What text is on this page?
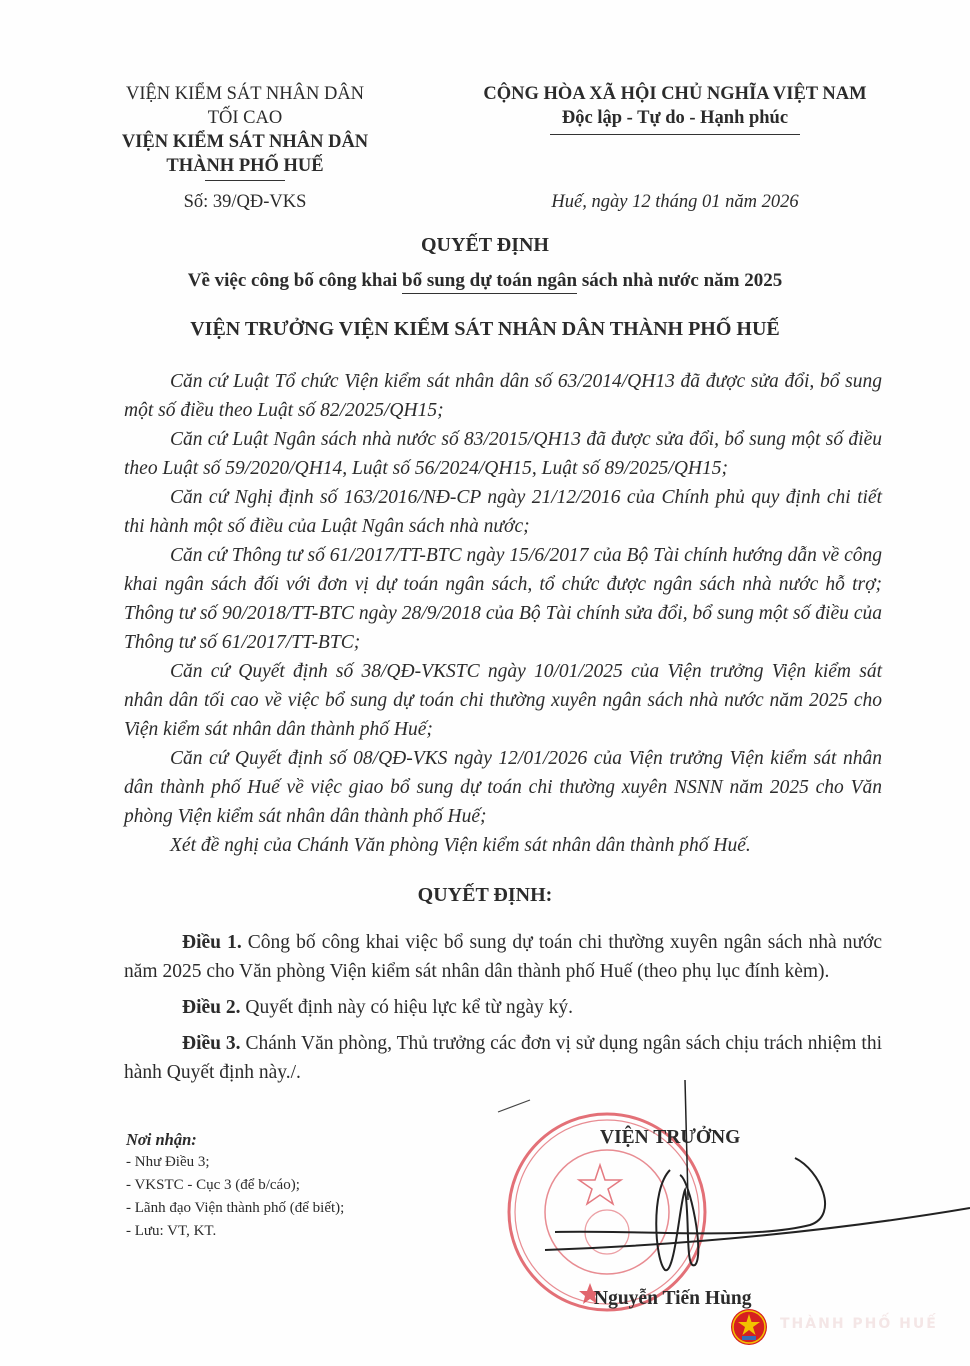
VIỆN KIỂM SÁT NHÂN DÂN
TỐI CAO
VIỆN KIỂM SÁT NHÂN DÂN
THÀNH PHỐ HUẾ
CỘNG HÒA XÃ HỘI CHỦ NGHĨA VIỆT NAM
Độc lập - Tự do - Hạnh phúc
Số: 39/QĐ-VKS	Huế, ngày 12 tháng 01 năm 2026
QUYẾT ĐỊNH
Về việc công bố công khai bổ sung dự toán ngân sách nhà nước năm 2025
VIỆN TRƯỞNG VIỆN KIỂM SÁT NHÂN DÂN THÀNH PHỐ HUẾ

Căn cứ Luật Tổ chức Viện kiểm sát nhân dân số 63/2014/QH13 đã được sửa đổi, bổ sung một số điều theo Luật số 82/2025/QH15;

Căn cứ Luật Ngân sách nhà nước số 83/2015/QH13 đã được sửa đổi, bổ sung một số điều theo Luật số 59/2020/QH14, Luật số 56/2024/QH15, Luật số 89/2025/QH15;

Căn cứ Nghị định số 163/2016/NĐ-CP ngày 21/12/2016 của Chính phủ quy định chi tiết thi hành một số điều của Luật Ngân sách nhà nước;

Căn cứ Thông tư số 61/2017/TT-BTC ngày 15/6/2017 của Bộ Tài chính hướng dẫn về công khai ngân sách đối với đơn vị dự toán ngân sách, tổ chức được ngân sách nhà nước hỗ trợ; Thông tư số 90/2018/TT-BTC ngày 28/9/2018 của Bộ Tài chính sửa đổi, bổ sung một số điều của Thông tư số 61/2017/TT-BTC;

Căn cứ Quyết định số 38/QĐ-VKSTC ngày 10/01/2025 của Viện trưởng Viện kiểm sát nhân dân tối cao về việc bổ sung dự toán chi thường xuyên ngân sách nhà nước năm 2025 cho Viện kiểm sát nhân dân thành phố Huế;

Căn cứ Quyết định số 08/QĐ-VKS ngày 12/01/2026 của Viện trưởng Viện kiểm sát nhân dân thành phố Huế về việc giao bổ sung dự toán chi thường xuyên NSNN năm 2025 cho Văn phòng Viện kiểm sát nhân dân thành phố Huế;

Xét đề nghị của Chánh Văn phòng Viện kiểm sát nhân dân thành phố Huế.

QUYẾT ĐỊNH:

Điều 1. Công bố công khai việc bổ sung dự toán chi thường xuyên ngân sách nhà nước năm 2025 cho Văn phòng Viện kiểm sát nhân dân thành phố Huế (theo phụ lục đính kèm).

Điều 2. Quyết định này có hiệu lực kể từ ngày ký.

Điều 3. Chánh Văn phòng, Thủ trưởng các đơn vị sử dụng ngân sách chịu trách nhiệm thi hành Quyết định này./.

Nơi nhận:
- Như Điều 3;
- VKSTC - Cục 3 (để b/cáo);
- Lãnh đạo Viện thành phố (để biết);
- Lưu: VT, KT.
VIỆN TRƯỞNG
Nguyễn Tiến Hùng
THÀNH PHỐ HUẾ
